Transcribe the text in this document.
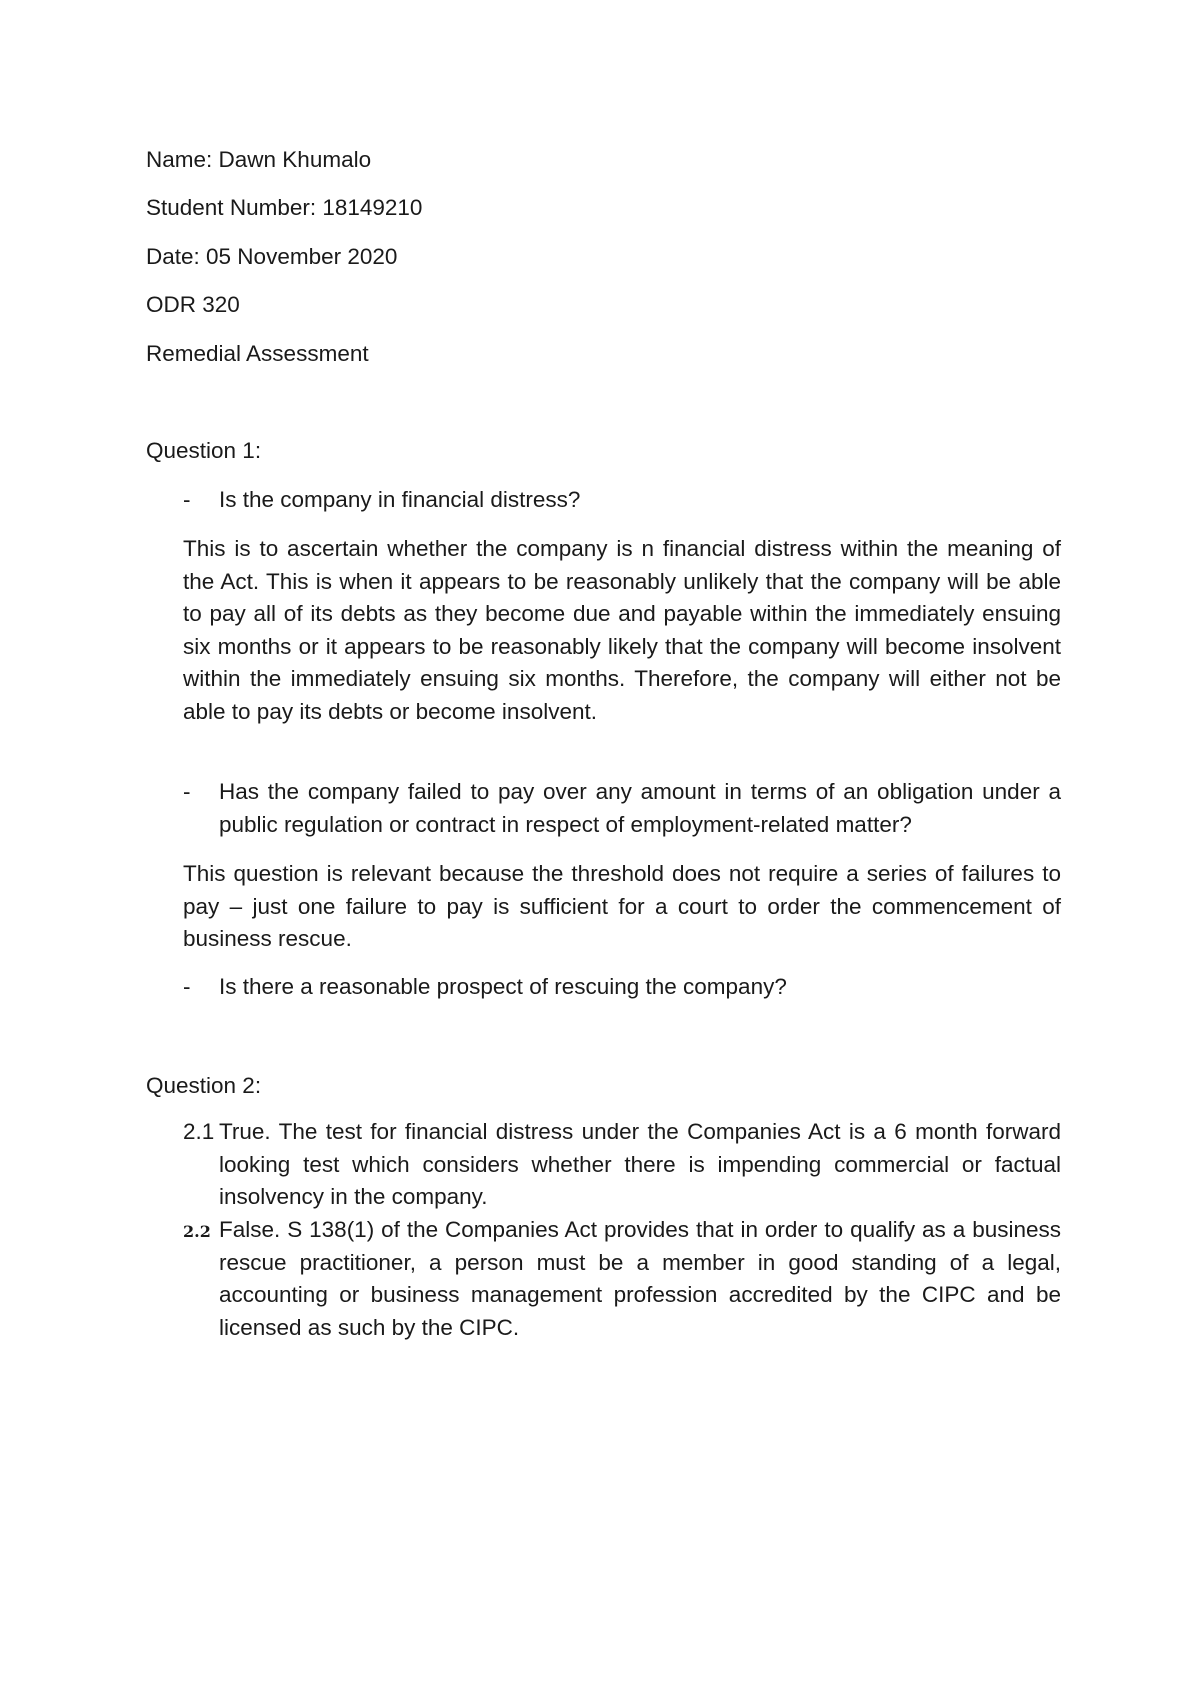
Name: Dawn Khumalo
Student Number: 18149210
Date: 05 November 2020
ODR 320
Remedial Assessment
Question 1:
-	Is the company in financial distress?
This is to ascertain whether the company is n financial distress within the meaning of the Act. This is when it appears to be reasonably unlikely that the company will be able to pay all of its debts as they become due and payable within the immediately ensuing six months or it appears to be reasonably likely that the company will become insolvent within the immediately ensuing six months. Therefore, the company will either not be able to pay its debts or become insolvent.
-	Has the company failed to pay over any amount in terms of an obligation under a public regulation or contract in respect of employment-related matter?
This question is relevant because the threshold does not require a series of failures to pay – just one failure to pay is sufficient for a court to order the commencement of business rescue.
-	Is there a reasonable prospect of rescuing the company?
Question 2:
2.1 True. The test for financial distress under the Companies Act is a 6 month forward looking test which considers whether there is impending commercial or factual insolvency in the company.
2.2 False. S 138(1) of the Companies Act provides that in order to qualify as a business rescue practitioner, a person must be a member in good standing of a legal, accounting or business management profession accredited by the CIPC and be licensed as such by the CIPC.
